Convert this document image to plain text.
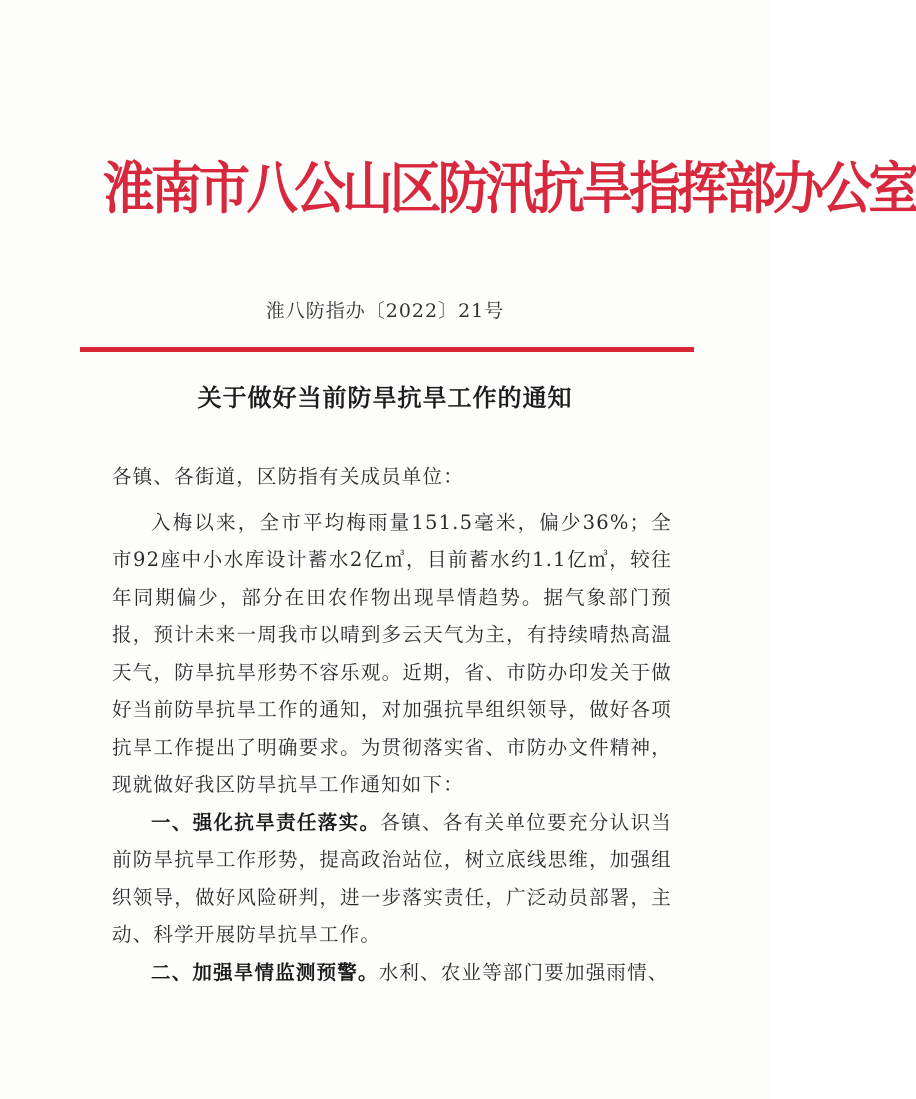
淮南市八公山区防汛抗旱指挥部办公室
淮八防指办〔2022〕21号
关于做好当前防旱抗旱工作的通知

各镇、各街道，区防指有关成员单位：

入梅以来，全市平均梅雨量151.5毫米，偏少36%；全市92座中小水库设计蓄水2亿㎥，目前蓄水约1.1亿㎥，较往年同期偏少，部分在田农作物出现旱情趋势。据气象部门预报，预计未来一周我市以晴到多云天气为主，有持续晴热高温天气，防旱抗旱形势不容乐观。近期，省、市防办印发关于做好当前防旱抗旱工作的通知，对加强抗旱组织领导，做好各项抗旱工作提出了明确要求。为贯彻落实省、市防办文件精神，现就做好我区防旱抗旱工作通知如下：

一、强化抗旱责任落实。各镇、各有关单位要充分认识当前防旱抗旱工作形势，提高政治站位，树立底线思维，加强组织领导，做好风险研判，进一步落实责任，广泛动员部署，主动、科学开展防旱抗旱工作。

二、加强旱情监测预警。水利、农业等部门要加强雨情、
